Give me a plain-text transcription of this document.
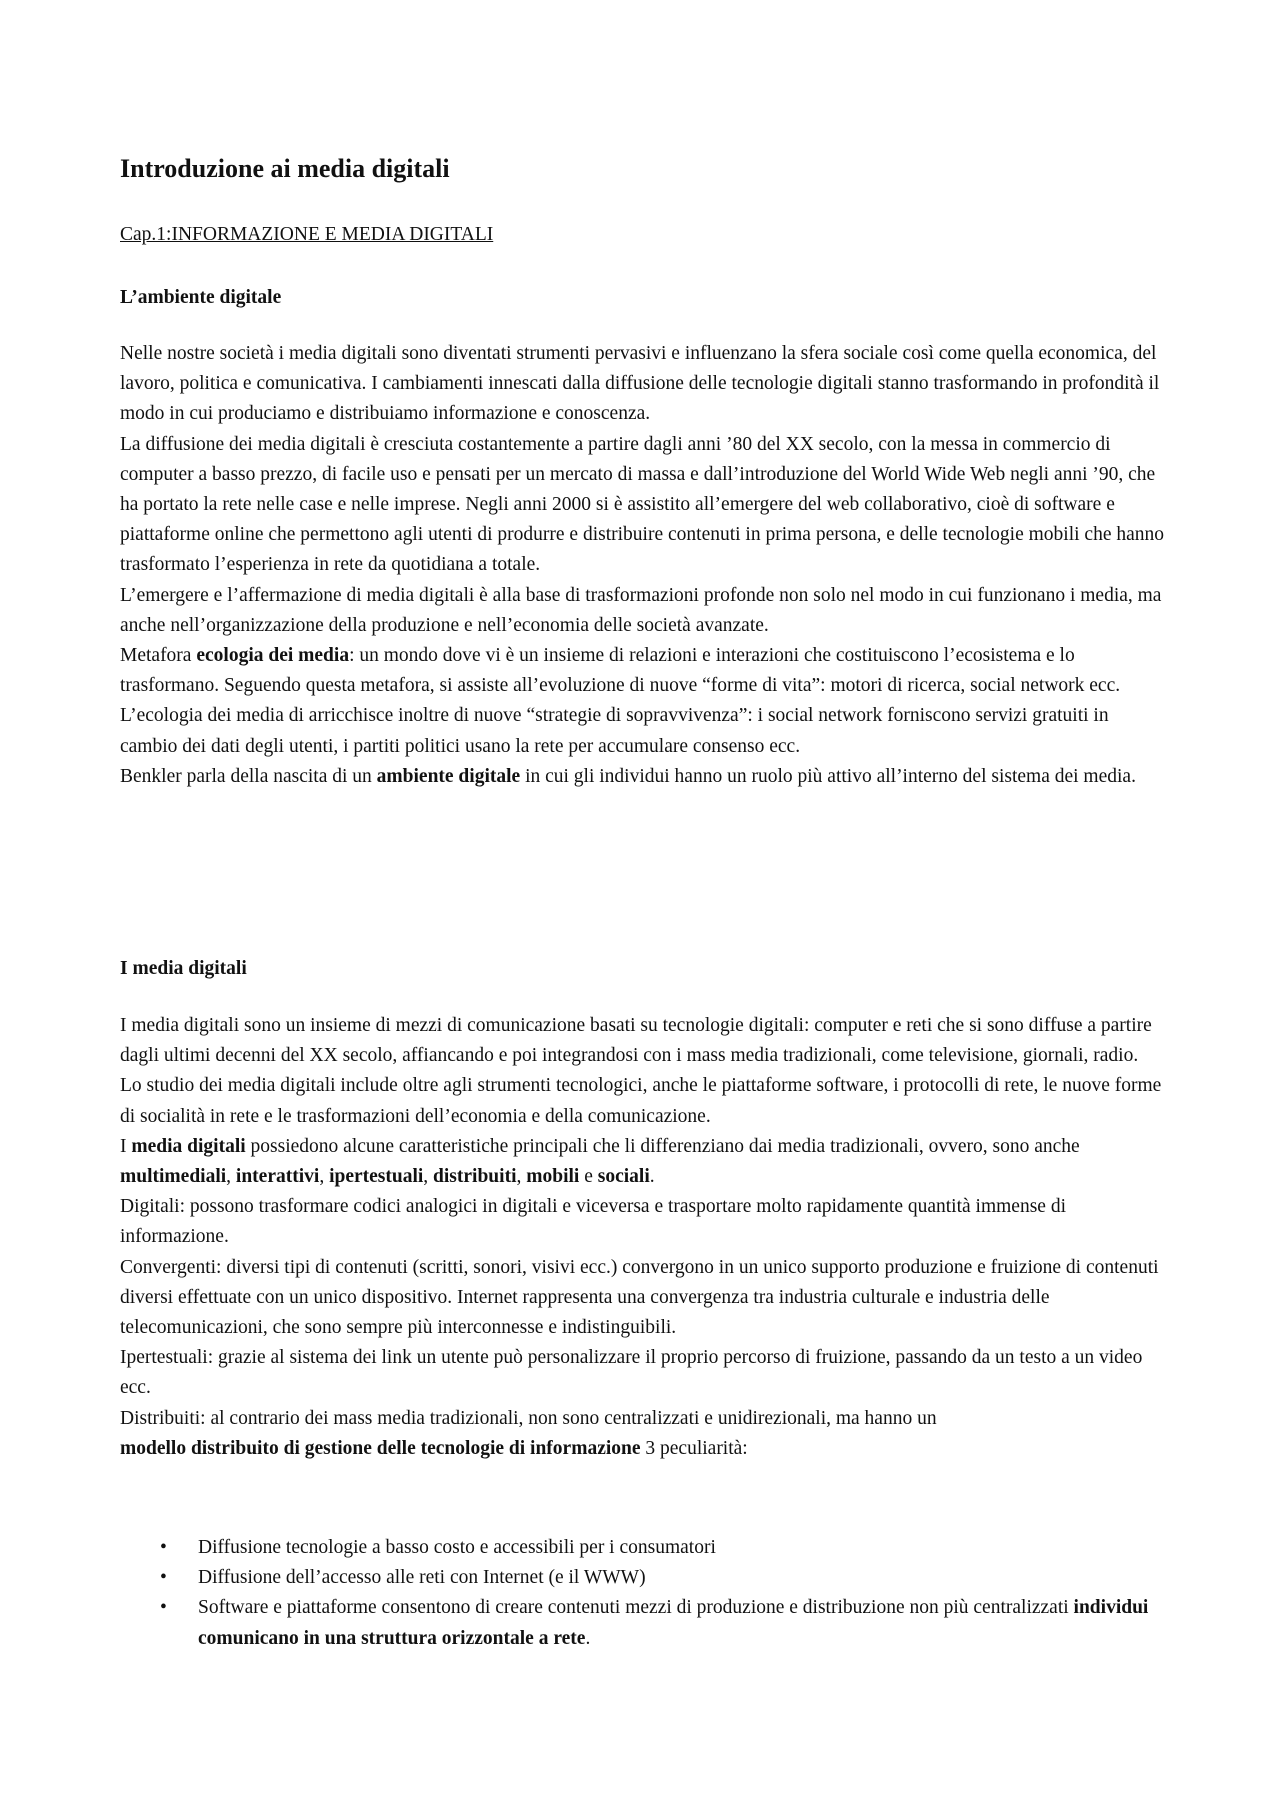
Introduzione ai media digitali

Cap.1:INFORMAZIONE E MEDIA DIGITALI

L’ambiente digitale

Nelle nostre società i media digitali sono diventati strumenti pervasivi e influenzano la sfera sociale così come quella economica, del lavoro, politica e comunicativa. I cambiamenti innescati dalla diffusione delle tecnologie digitali stanno trasformando in profondità il modo in cui produciamo e distribuiamo informazione e conoscenza.

La diffusione dei media digitali è cresciuta costantemente a partire dagli anni ’80 del XX secolo, con la messa in commercio di computer a basso prezzo, di facile uso e pensati per un mercato di massa e dall’introduzione del World Wide Web negli anni ’90, che ha portato la rete nelle case e nelle imprese. Negli anni 2000 si è assistito all’emergere del web collaborativo, cioè di software e piattaforme online che permettono agli utenti di produrre e distribuire contenuti in prima persona, e delle tecnologie mobili che hanno trasformato l’esperienza in rete da quotidiana a totale.

L’emergere e l’affermazione di media digitali è alla base di trasformazioni profonde non solo nel modo in cui funzionano i media, ma anche nell’organizzazione della produzione e nell’economia delle società avanzate.

Metafora ecologia dei media: un mondo dove vi è un insieme di relazioni e interazioni che costituiscono l’ecosistema e lo trasformano. Seguendo questa metafora, si assiste all’evoluzione di nuove “forme di vita”: motori di ricerca, social network ecc. L’ecologia dei media di arricchisce inoltre di nuove “strategie di sopravvivenza”: i social network forniscono servizi gratuiti in cambio dei dati degli utenti, i partiti politici usano la rete per accumulare consenso ecc.

Benkler parla della nascita di un ambiente digitale in cui gli individui hanno un ruolo più attivo all’interno del sistema dei media.

I media digitali

I media digitali sono un insieme di mezzi di comunicazione basati su tecnologie digitali: computer e reti che si sono diffuse a partire dagli ultimi decenni del XX secolo, affiancando e poi integrandosi con i mass media tradizionali, come televisione, giornali, radio.

Lo studio dei media digitali include oltre agli strumenti tecnologici, anche le piattaforme software, i protocolli di rete, le nuove forme di socialità in rete e le trasformazioni dell’economia e della comunicazione.

I media digitali possiedono alcune caratteristiche principali che li differenziano dai media tradizionali, ovvero, sono anche multimediali, interattivi, ipertestuali, distribuiti, mobili e sociali.

Digitali: possono trasformare codici analogici in digitali e viceversa e trasportare molto rapidamente quantità immense di informazione.

Convergenti: diversi tipi di contenuti (scritti, sonori, visivi ecc.) convergono in un unico supporto produzione e fruizione di contenuti diversi effettuate con un unico dispositivo. Internet rappresenta una convergenza tra industria culturale e industria delle telecomunicazioni, che sono sempre più interconnesse e indistinguibili.

Ipertestuali: grazie al sistema dei link un utente può personalizzare il proprio percorso di fruizione, passando da un testo a un video ecc.

Distribuiti: al contrario dei mass media tradizionali, non sono centralizzati e unidirezionali, ma hanno un

modello distribuito di gestione delle tecnologie di informazione 3 peculiarità:

• Diffusione tecnologie a basso costo e accessibili per i consumatori
• Diffusione dell’accesso alle reti con Internet (e il WWW)
• Software e piattaforme consentono di creare contenuti mezzi di produzione e distribuzione non più centralizzati individui comunicano in una struttura orizzontale a rete.
